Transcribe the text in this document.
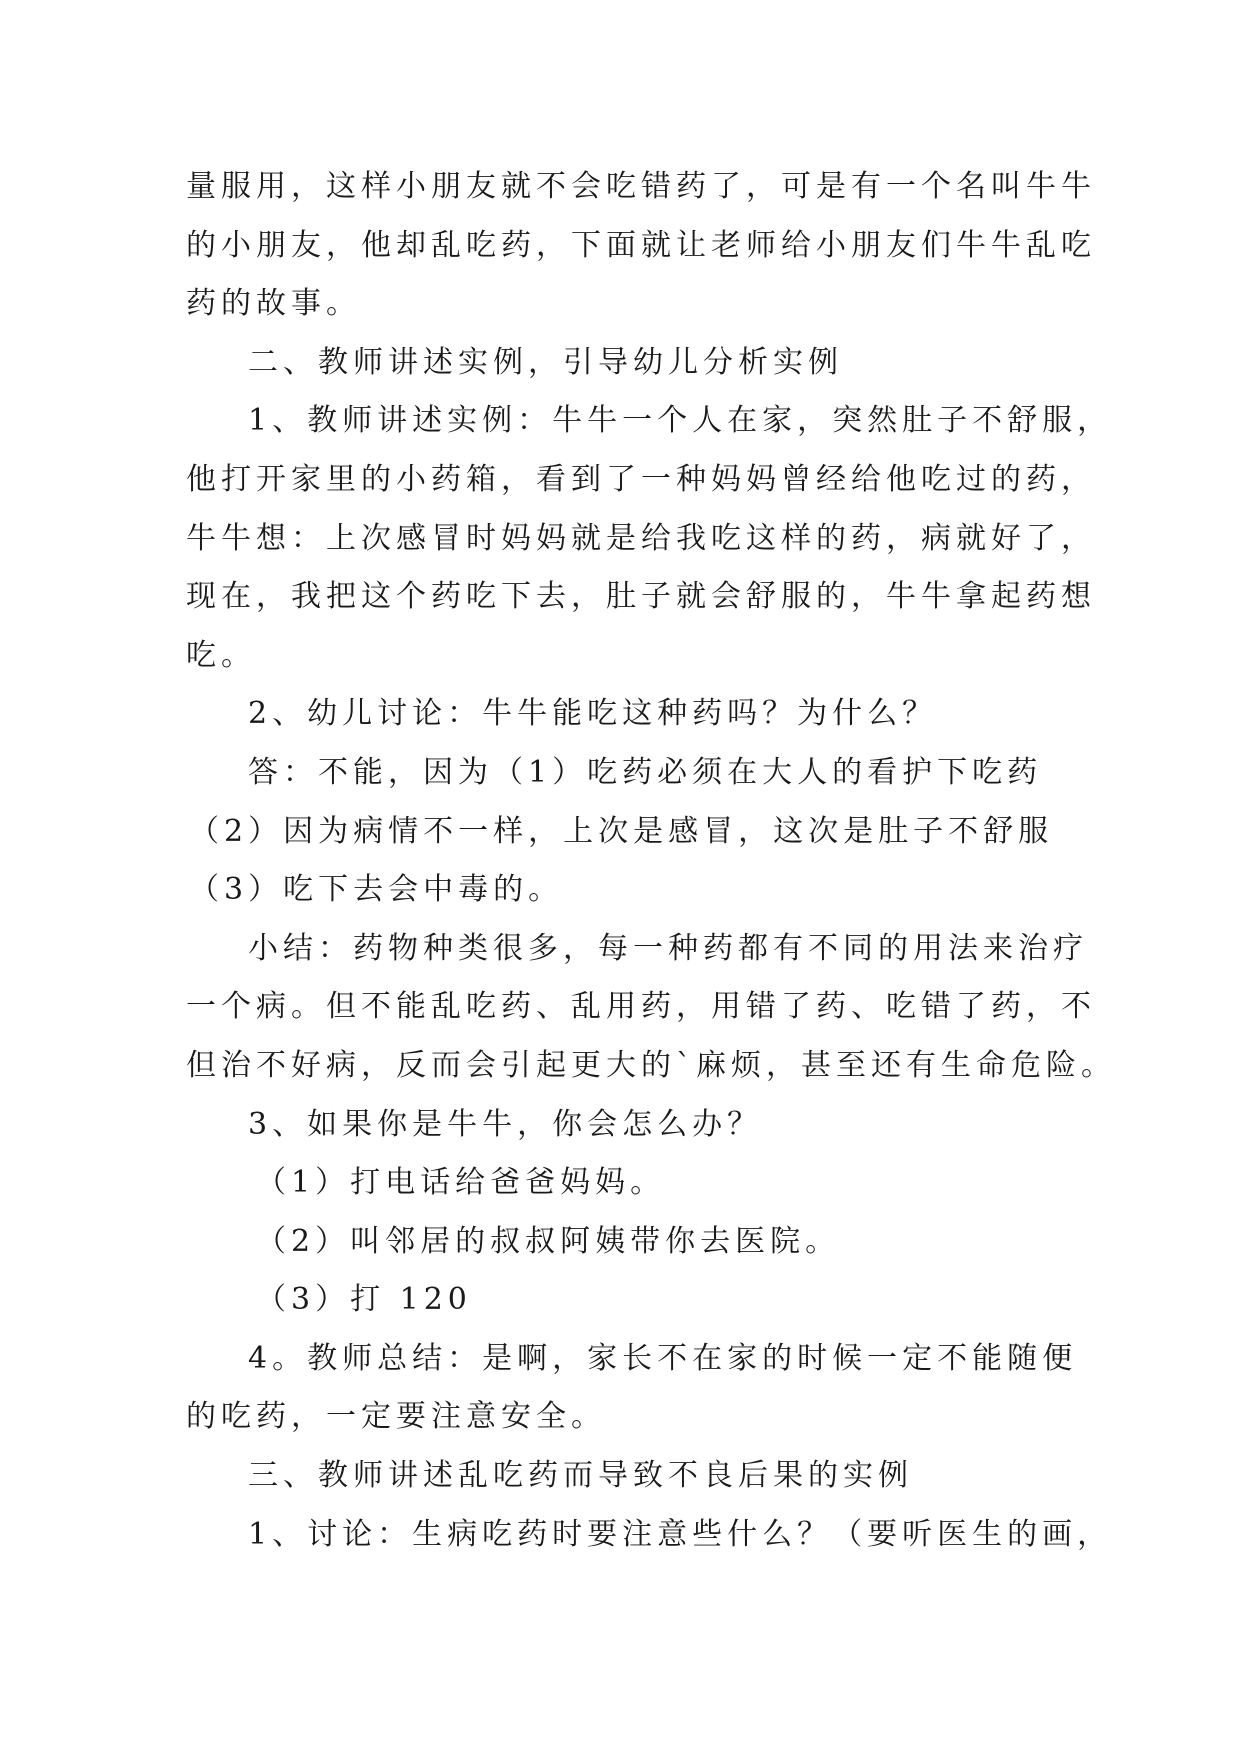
量服用，这样小朋友就不会吃错药了，可是有一个名叫牛牛
的小朋友，他却乱吃药，下面就让老师给小朋友们牛牛乱吃
药的故事。
二、教师讲述实例，引导幼儿分析实例
1、教师讲述实例：牛牛一个人在家，突然肚子不舒服，
他打开家里的小药箱，看到了一种妈妈曾经给他吃过的药，
牛牛想：上次感冒时妈妈就是给我吃这样的药，病就好了，
现在，我把这个药吃下去，肚子就会舒服的，牛牛拿起药想
吃。
2、幼儿讨论：牛牛能吃这种药吗？为什么？
答：不能，因为（1）吃药必须在大人的看护下吃药
（2）因为病情不一样，上次是感冒，这次是肚子不舒服
（3）吃下去会中毒的。
小结：药物种类很多，每一种药都有不同的用法来治疗
一个病。但不能乱吃药、乱用药，用错了药、吃错了药，不
但治不好病，反而会引起更大的`麻烦，甚至还有生命危险。
3、如果你是牛牛，你会怎么办？
（1）打电话给爸爸妈妈。
（2）叫邻居的叔叔阿姨带你去医院。
（3）打 120
4。教师总结：是啊，家长不在家的时候一定不能随便
的吃药，一定要注意安全。
三、教师讲述乱吃药而导致不良后果的实例
1、讨论：生病吃药时要注意些什么？（要听医生的画，
